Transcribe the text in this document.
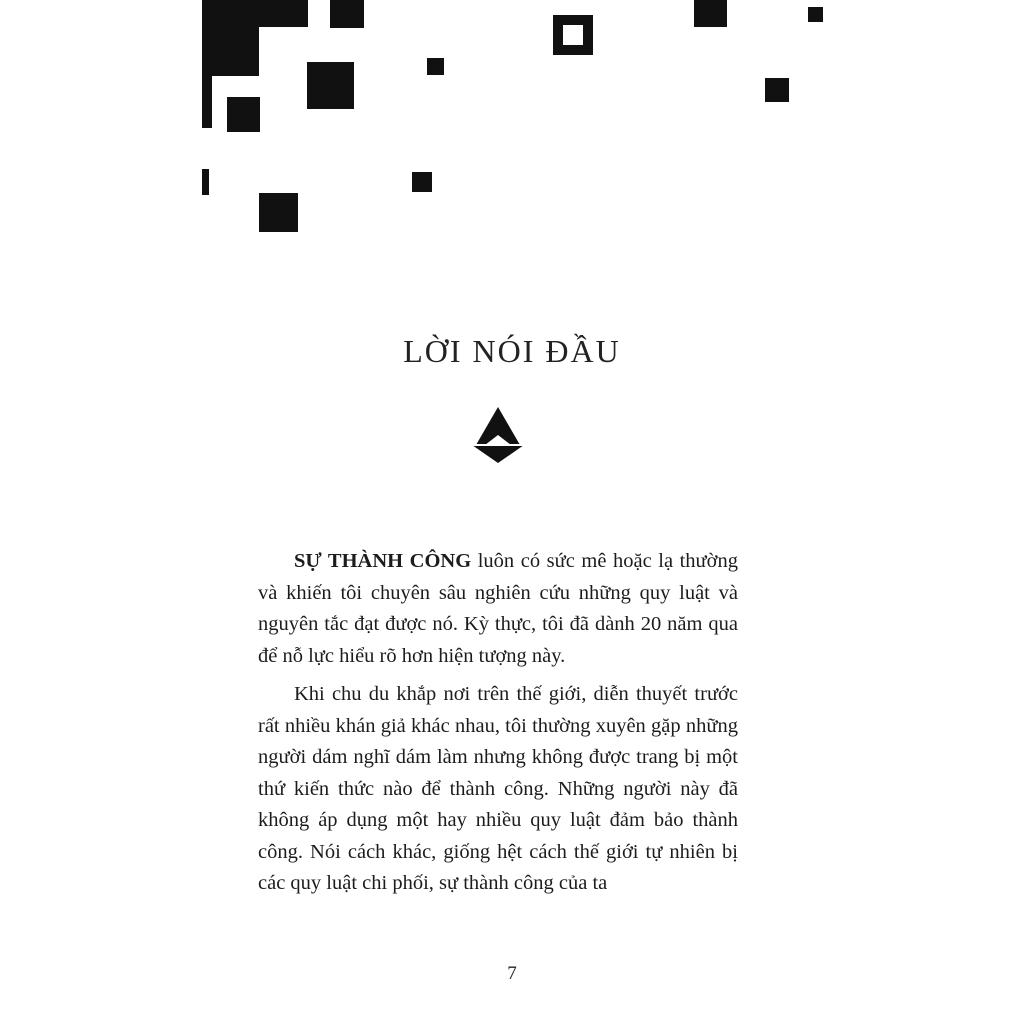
LỜI NÓI ĐẦU

SỰ THÀNH CÔNG luôn có sức mê hoặc lạ thường và khiến tôi chuyên sâu nghiên cứu những quy luật và nguyên tắc đạt được nó. Kỳ thực, tôi đã dành 20 năm qua để nỗ lực hiểu rõ hơn hiện tượng này.

Khi chu du khắp nơi trên thế giới, diễn thuyết trước rất nhiều khán giả khác nhau, tôi thường xuyên gặp những người dám nghĩ dám làm nhưng không được trang bị một thứ kiến thức nào để thành công. Những người này đã không áp dụng một hay nhiều quy luật đảm bảo thành công. Nói cách khác, giống hệt cách thế giới tự nhiên bị các quy luật chi phối, sự thành công của ta

7
